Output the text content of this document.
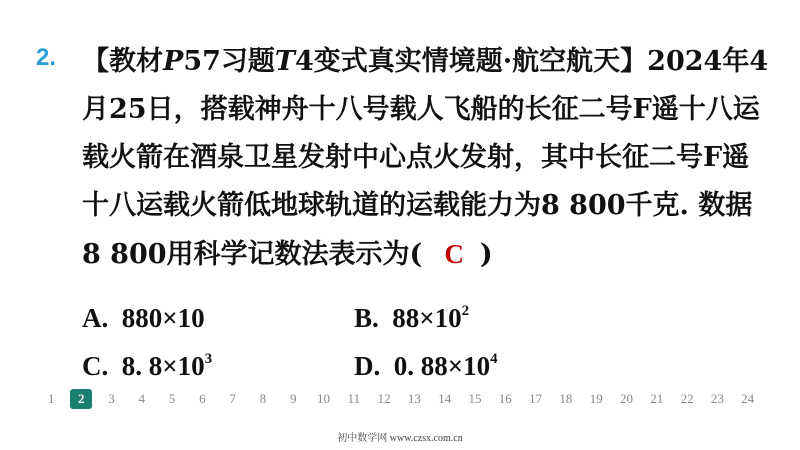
2. 【教材P57习题T4变式真实情境题·航空航天】2024年4
月25日，搭载神舟十八号载人飞船的长征二号F遥十八运
载火箭在酒泉卫星发射中心点火发射，其中长征二号F遥
十八运载火箭低地球轨道的运载能力为8 800千克. 数据
8 800用科学记数法表示为( C )
A. 880×10	B. $88\times 10^2$
C. 8. $8\times 10^3$	D. 0. $88\times 10^4$
1	2	3	4	5	6	7	8	9	10	11	12	13	14	15	16	17	18	19	20	21	22	23	24
初中数学网 www.czsx.com.cn
